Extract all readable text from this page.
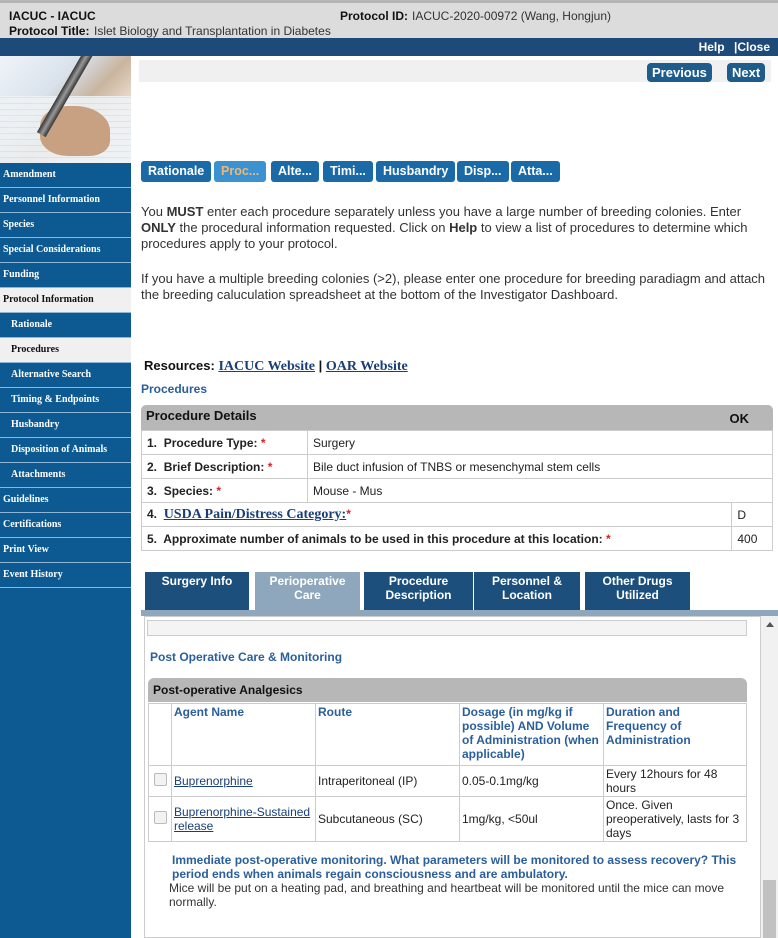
IACUC - IACUC	Protocol ID: IACUC-2020-00972 (Wang, Hongjun)
Protocol Title: Islet Biology and Transplantation in Diabetes
Help |Close
Amendment
Personnel Information
Species
Special Considerations
Funding
Protocol Information
Rationale
Procedures
Alternative Search
Timing & Endpoints
Husbandry
Disposition of Animals
Attachments
Guidelines
Certifications
Print View
Event History
Previous	Next
Rationale	Proc...	Alte...	Timi...	Husbandry	Disp...	Atta...
You MUST enter each procedure separately unless you have a large number of breeding colonies. Enter ONLY the procedural information requested. Click on Help to view a list of procedures to determine which procedures apply to your protocol.
If you have a multiple breeding colonies (>2), please enter one procedure for breeding paradiagm and attach the breeding caluculation spreadsheet at the bottom of the Investigator Dashboard.
Resources: IACUC Website | OAR Website
Procedures
Procedure Details	OK
1. Procedure Type: *	Surgery	
2. Brief Description: *	Bile duct infusion of TNBS or mesenchymal stem cells	
3. Species: *	Mouse - Mus	
4. USDA Pain/Distress Category:*		D
5. Approximate number of animals to be used in this procedure at this location: *		400
Surgery Info	Perioperative
Care
Procedure
Description
Personnel &
Location
Other Drugs
Utilized
Post Operative Care & Monitoring
Post-operative Analgesics
	Agent Name	Route	Dosage (in mg/kg if possible) AND Volume of Administration (when applicable)	Duration and Frequency of Administration
	Buprenorphine	Intraperitoneal (IP)	0.05-0.1mg/kg	Every 12hours for 48 hours
	Buprenorphine-Sustained release	Subcutaneous (SC)	1mg/kg, <50ul	Once. Given preoperatively, lasts for 3 days
Immediate post-operative monitoring. What parameters will be monitored to assess recovery? This period ends when animals regain consciousness and are ambulatory.
Mice will be put on a heating pad, and breathing and heartbeat will be monitored until the mice can move normally.
